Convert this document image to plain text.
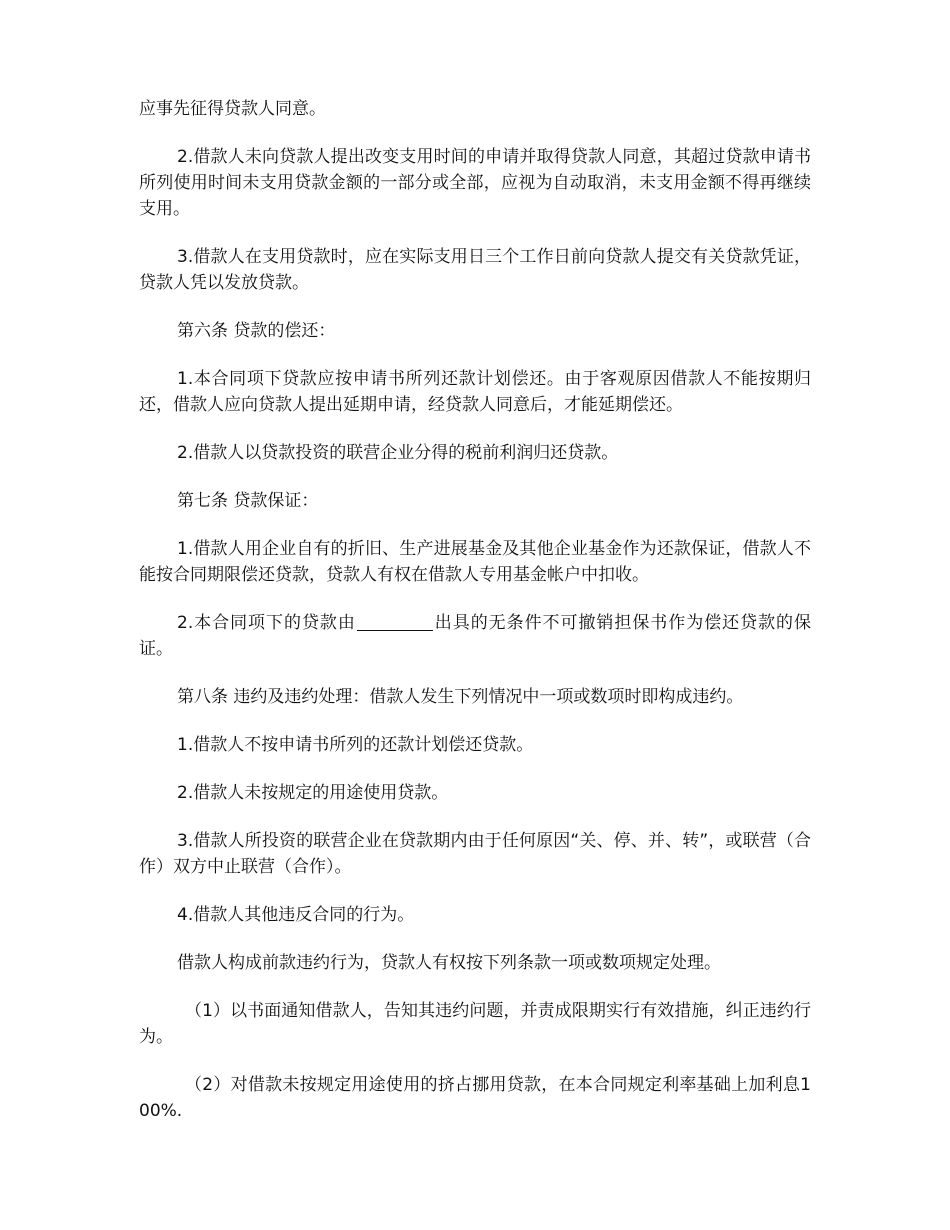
应事先征得贷款人同意。

2.借款人未向贷款人提出改变支用时间的申请并取得贷款人同意，其超过贷款申请书所列使用时间未支用贷款金额的一部分或全部，应视为自动取消，未支用金额不得再继续支用。

3.借款人在支用贷款时，应在实际支用日三个工作日前向贷款人提交有关贷款凭证，贷款人凭以发放贷款。

第六条 贷款的偿还：

1.本合同项下贷款应按申请书所列还款计划偿还。由于客观原因借款人不能按期归还，借款人应向贷款人提出延期申请，经贷款人同意后，才能延期偿还。

2.借款人以贷款投资的联营企业分得的税前利润归还贷款。

第七条 贷款保证：

1.借款人用企业自有的折旧、生产进展基金及其他企业基金作为还款保证，借款人不能按合同期限偿还贷款，贷款人有权在借款人专用基金帐户中扣收。

2.本合同项下的贷款由	出具的无条件不可撤销担保书作为偿还贷款的保证。

第八条 违约及违约处理：借款人发生下列情况中一项或数项时即构成违约。

1.借款人不按申请书所列的还款计划偿还贷款。

2.借款人未按规定的用途使用贷款。

3.借款人所投资的联营企业在贷款期内由于任何原因“关、停、并、转”，或联营（合作）双方中止联营（合作）。

4.借款人其他违反合同的行为。

借款人构成前款违约行为，贷款人有权按下列条款一项或数项规定处理。

（1）以书面通知借款人，告知其违约问题，并责成限期实行有效措施，纠正违约行为。

（2）对借款未按规定用途使用的挤占挪用贷款，在本合同规定利率基础上加利息100%.
